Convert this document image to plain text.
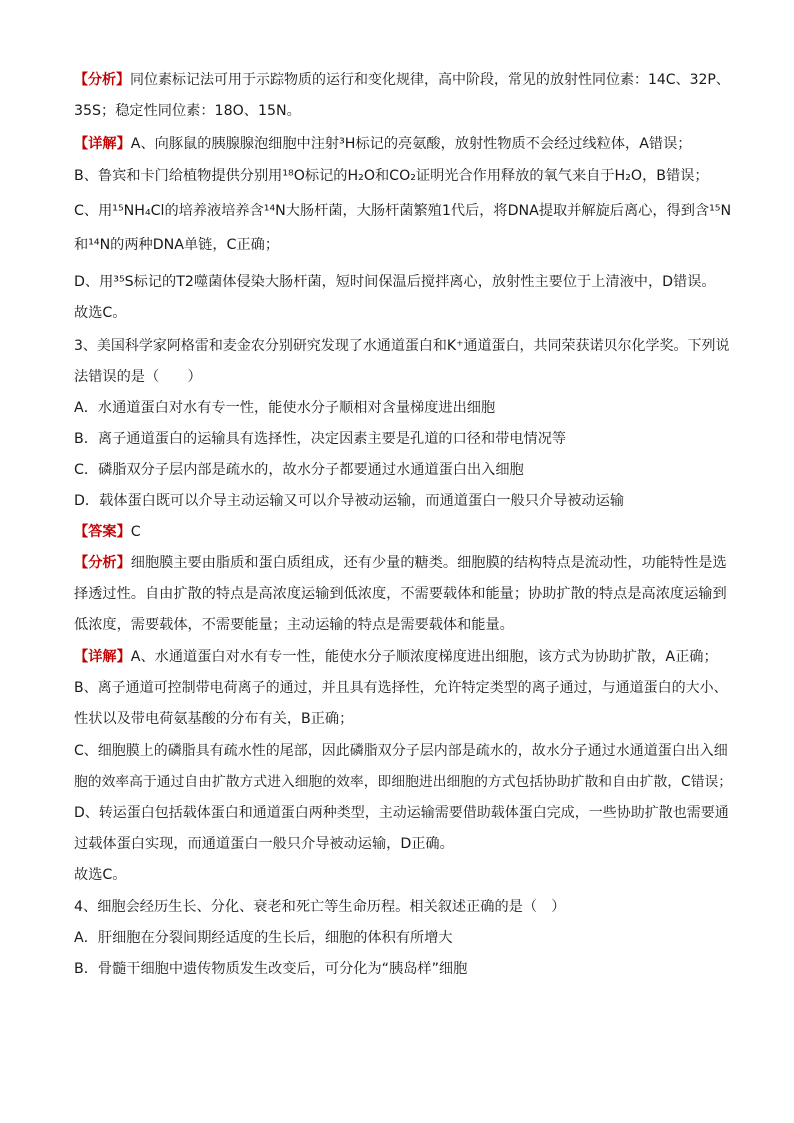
【分析】同位素标记法可用于示踪物质的运行和变化规律，高中阶段，常见的放射性同位素：14C、32P、
35S；稳定性同位素：18O、15N。
【详解】A、向豚鼠的胰腺腺泡细胞中注射³H标记的亮氨酸，放射性物质不会经过线粒体，A错误；
B、鲁宾和卡门给植物提供分别用¹⁸O标记的H₂O和CO₂证明光合作用释放的氧气来自于H₂O，B错误；
C、用¹⁵NH₄Cl的培养液培养含¹⁴N大肠杆菌，大肠杆菌繁殖1代后，将DNA提取并解旋后离心，得到含¹⁵N
和¹⁴N的两种DNA单链，C正确；
D、用³⁵S标记的T2噬菌体侵染大肠杆菌，短时间保温后搅拌离心，放射性主要位于上清液中，D错误。
故选C。
3、美国科学家阿格雷和麦金农分别研究发现了水通道蛋白和K⁺通道蛋白，共同荣获诺贝尔化学奖。下列说
法错误的是（　　）
A．水通道蛋白对水有专一性，能使水分子顺相对含量梯度进出细胞
B．离子通道蛋白的运输具有选择性，决定因素主要是孔道的口径和带电情况等
C．磷脂双分子层内部是疏水的，故水分子都要通过水通道蛋白出入细胞
D．载体蛋白既可以介导主动运输又可以介导被动运输，而通道蛋白一般只介导被动运输
【答案】C
【分析】细胞膜主要由脂质和蛋白质组成，还有少量的糖类。细胞膜的结构特点是流动性，功能特性是选
择透过性。自由扩散的特点是高浓度运输到低浓度，不需要载体和能量；协助扩散的特点是高浓度运输到
低浓度，需要载体，不需要能量；主动运输的特点是需要载体和能量。
【详解】A、水通道蛋白对水有专一性，能使水分子顺浓度梯度进出细胞，该方式为协助扩散，A正确；
B、离子通道可控制带电荷离子的通过，并且具有选择性，允许特定类型的离子通过，与通道蛋白的大小、
性状以及带电荷氨基酸的分布有关，B正确；
C、细胞膜上的磷脂具有疏水性的尾部，因此磷脂双分子层内部是疏水的，故水分子通过水通道蛋白出入细
胞的效率高于通过自由扩散方式进入细胞的效率，即细胞进出细胞的方式包括协助扩散和自由扩散，C错误；
D、转运蛋白包括载体蛋白和通道蛋白两种类型，主动运输需要借助载体蛋白完成，一些协助扩散也需要通
过载体蛋白实现，而通道蛋白一般只介导被动运输，D正确。
故选C。
4、细胞会经历生长、分化、衰老和死亡等生命历程。相关叙述正确的是（　）
A．肝细胞在分裂间期经适度的生长后，细胞的体积有所增大
B．骨髓干细胞中遗传物质发生改变后，可分化为“胰岛样”细胞
